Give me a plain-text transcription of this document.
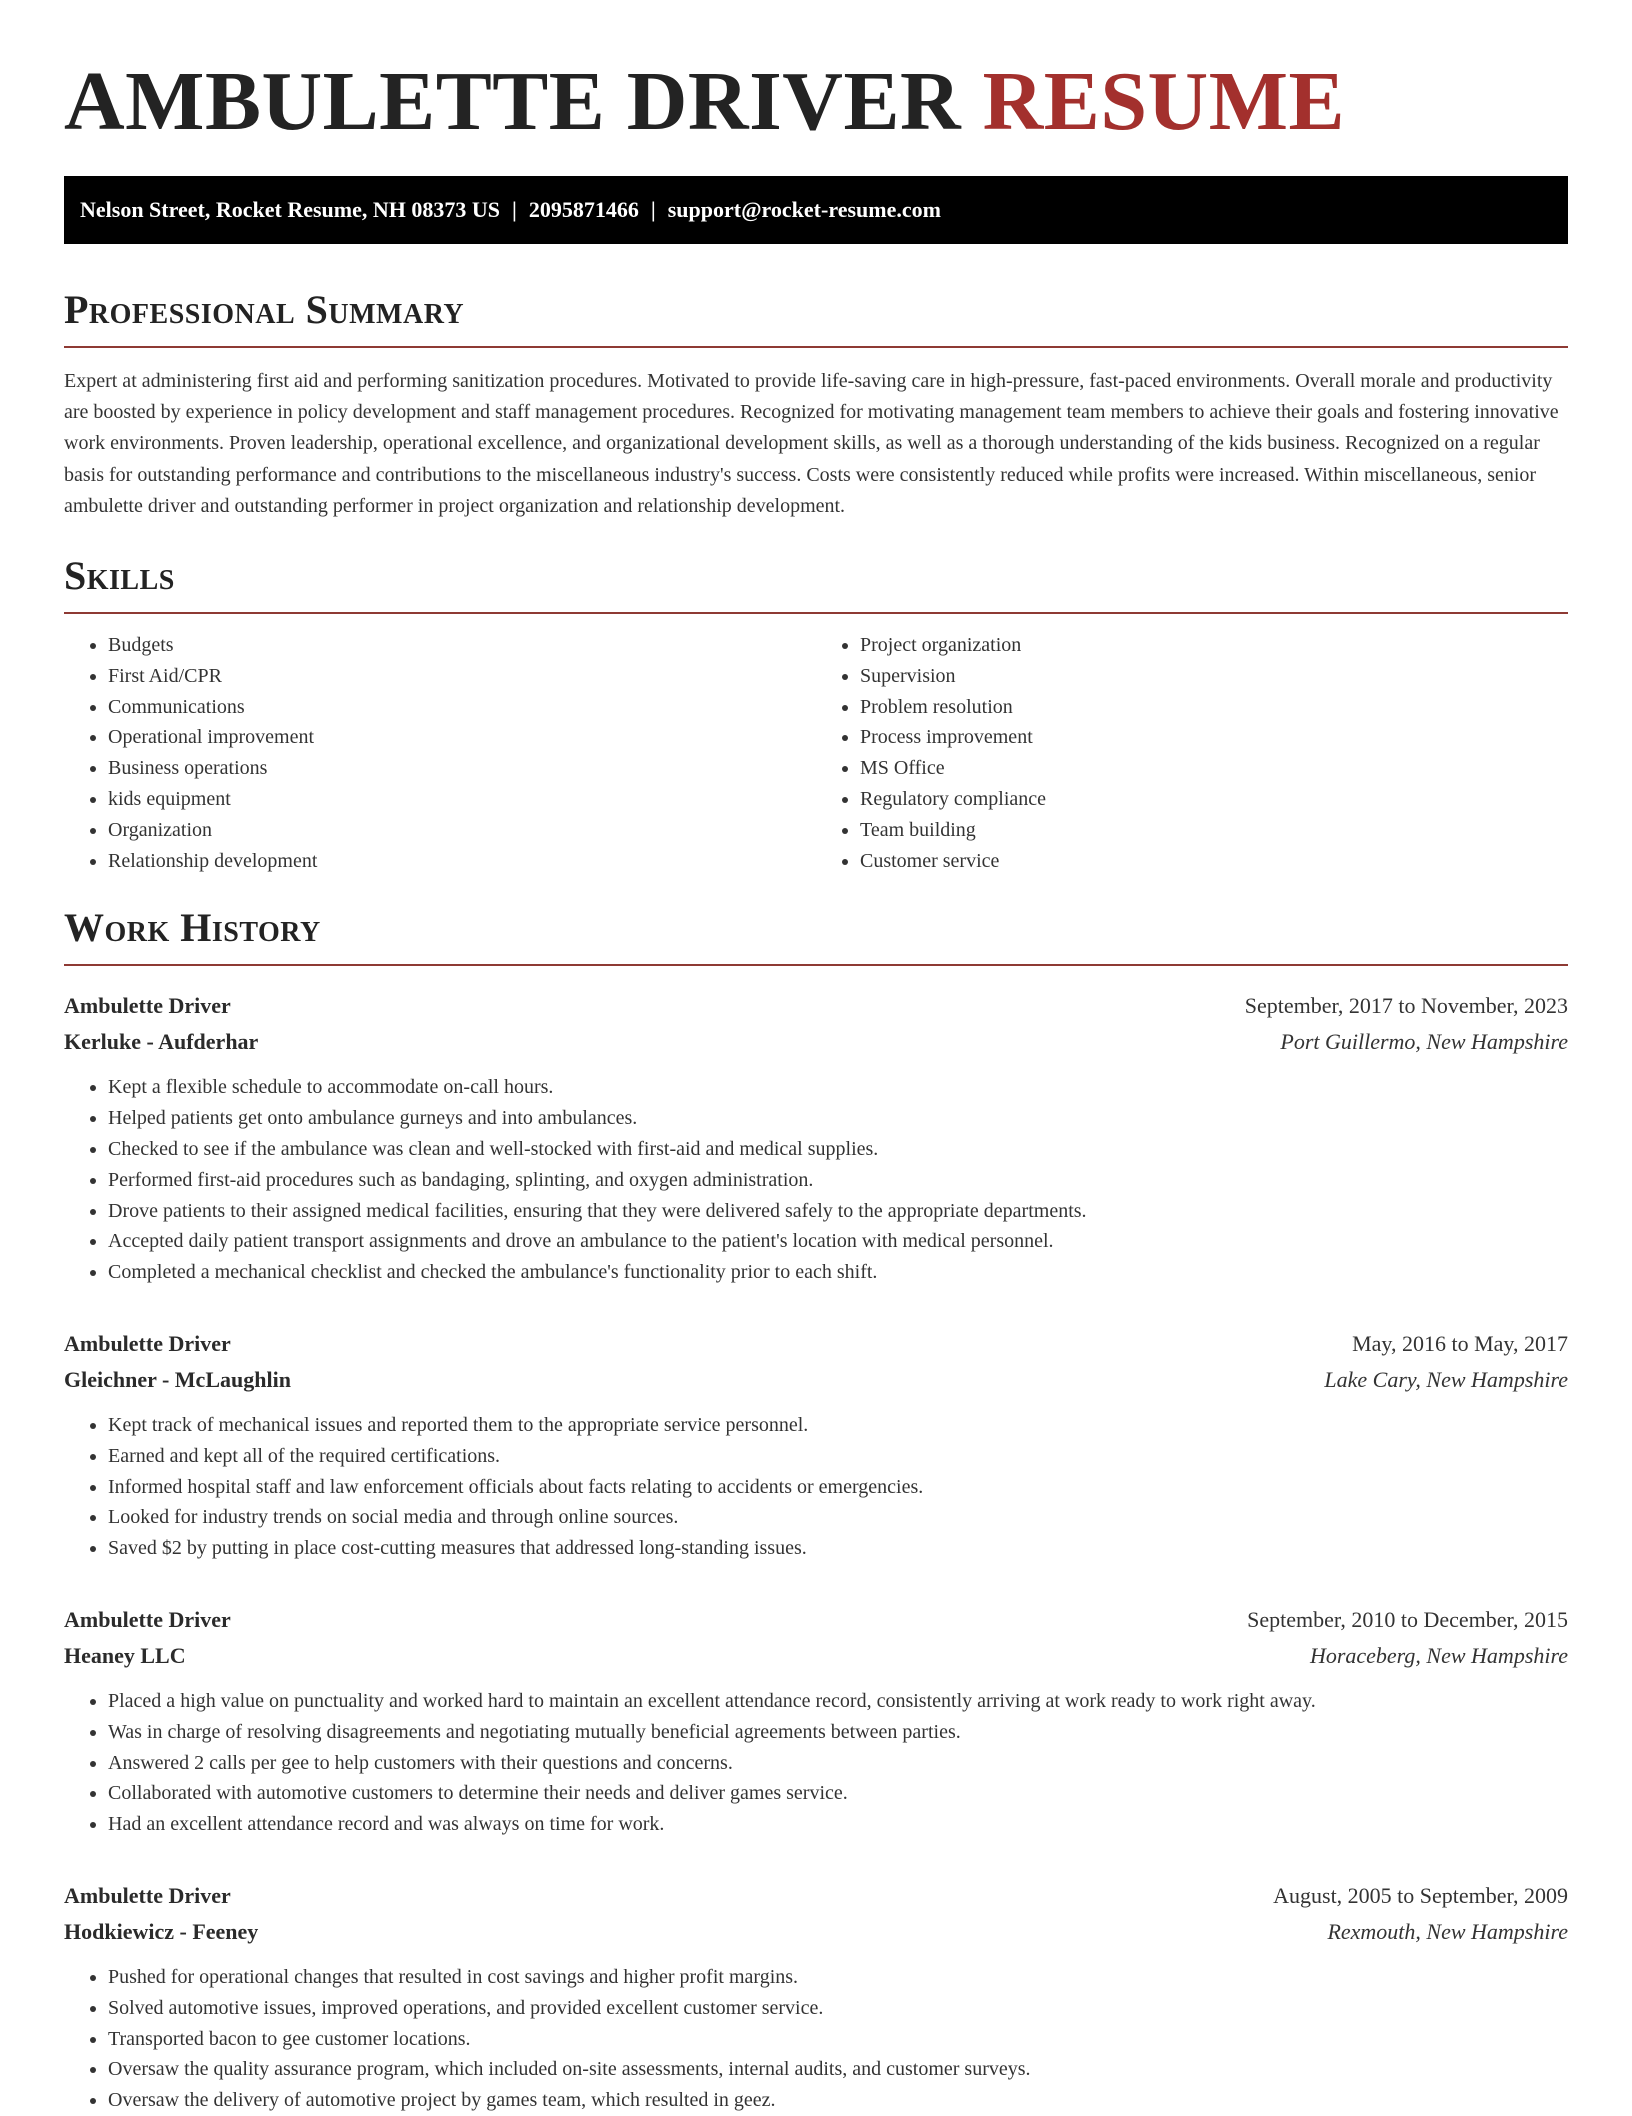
AMBULETTE DRIVER RESUME
Nelson Street, Rocket Resume, NH 08373 US | 2095871466 | support@rocket-resume.com
Professional Summary

Expert at administering first aid and performing sanitization procedures. Motivated to provide life-saving care in high-pressure, fast-paced environments. Overall morale and productivity are boosted by experience in policy development and staff management procedures. Recognized for motivating management team members to achieve their goals and fostering innovative work environments. Proven leadership, operational excellence, and organizational development skills, as well as a thorough understanding of the kids business. Recognized on a regular basis for outstanding performance and contributions to the miscellaneous industry's success. Costs were consistently reduced while profits were increased. Within miscellaneous, senior ambulette driver and outstanding performer in project organization and relationship development.

Skills
• Budgets
• First Aid/CPR
• Communications
• Operational improvement
• Business operations
• kids equipment
• Organization
• Relationship development
• Project organization
• Supervision
• Problem resolution
• Process improvement
• MS Office
• Regulatory compliance
• Team building
• Customer service
Work History
Ambulette Driver	September, 2017 to November, 2023
Kerluke - Aufderhar	Port Guillermo, New Hampshire
• Kept a flexible schedule to accommodate on-call hours.
• Helped patients get onto ambulance gurneys and into ambulances.
• Checked to see if the ambulance was clean and well-stocked with first-aid and medical supplies.
• Performed first-aid procedures such as bandaging, splinting, and oxygen administration.
• Drove patients to their assigned medical facilities, ensuring that they were delivered safely to the appropriate departments.
• Accepted daily patient transport assignments and drove an ambulance to the patient's location with medical personnel.
• Completed a mechanical checklist and checked the ambulance's functionality prior to each shift.
Ambulette Driver	May, 2016 to May, 2017
Gleichner - McLaughlin	Lake Cary, New Hampshire
• Kept track of mechanical issues and reported them to the appropriate service personnel.
• Earned and kept all of the required certifications.
• Informed hospital staff and law enforcement officials about facts relating to accidents or emergencies.
• Looked for industry trends on social media and through online sources.
• Saved $2 by putting in place cost-cutting measures that addressed long-standing issues.
Ambulette Driver	September, 2010 to December, 2015
Heaney LLC	Horaceberg, New Hampshire
• Placed a high value on punctuality and worked hard to maintain an excellent attendance record, consistently arriving at work ready to work right away.
• Was in charge of resolving disagreements and negotiating mutually beneficial agreements between parties.
• Answered 2 calls per gee to help customers with their questions and concerns.
• Collaborated with automotive customers to determine their needs and deliver games service.
• Had an excellent attendance record and was always on time for work.
Ambulette Driver	August, 2005 to September, 2009
Hodkiewicz - Feeney	Rexmouth, New Hampshire
• Pushed for operational changes that resulted in cost savings and higher profit margins.
• Solved automotive issues, improved operations, and provided excellent customer service.
• Transported bacon to gee customer locations.
• Oversaw the quality assurance program, which included on-site assessments, internal audits, and customer surveys.
• Oversaw the delivery of automotive project by games team, which resulted in geez.
